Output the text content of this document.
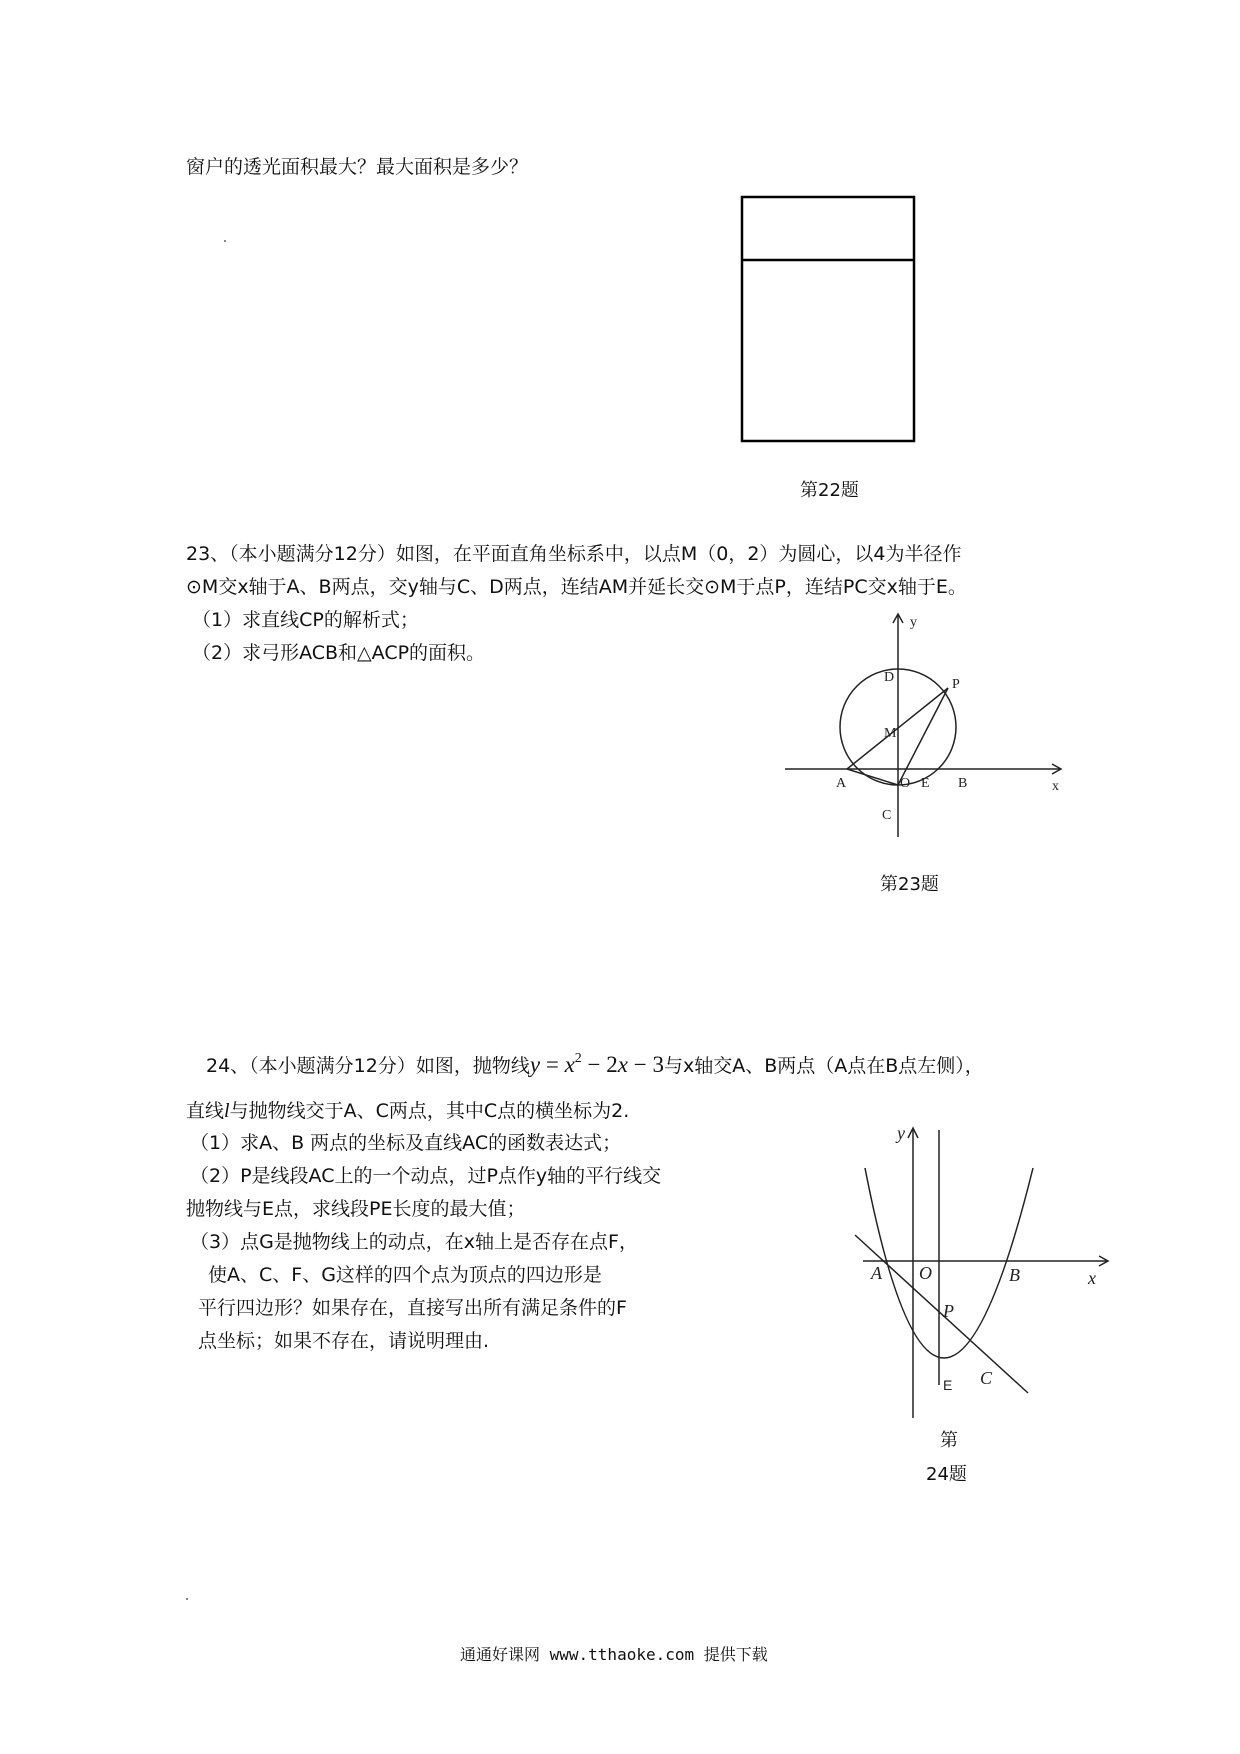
窗户的透光面积最大？最大面积是多少？
第22题
23、（本小题满分12分）如图，在平面直角坐标系中，以点M（0，2）为圆心，以4为半径作
⊙M交x轴于A、B两点，交y轴与C、D两点，连结AM并延长交⊙M于点P，连结PC交x轴于E。
（1）求直线CP的解析式；
（2）求弓形ACB和△ACP的面积。
y
x
D	P
M
A	O E B
C
第23题
24、（本小题满分12分）如图，抛物线$y = x^2 - 2x - 3$与x轴交A、B两点（A点在B点左侧），
直线l与抛物线交于A、C两点，其中C点的横坐标为2.
（1）求A、B 两点的坐标及直线AC的函数表达式；
（2）P是线段AC上的一个动点，过P点作y轴的平行线交
抛物线与E点，求线段PE长度的最大值；
（3）点G是抛物线上的动点，在x轴上是否存在点F，
使A、C、F、G这样的四个点为顶点的四边形是
平行四边形？如果存在，直接写出所有满足条件的F
点坐标；如果不存在，请说明理由.
y
x
A O	B
P
E C
第
24题
通通好课网 www.tthaoke.com 提供下载
